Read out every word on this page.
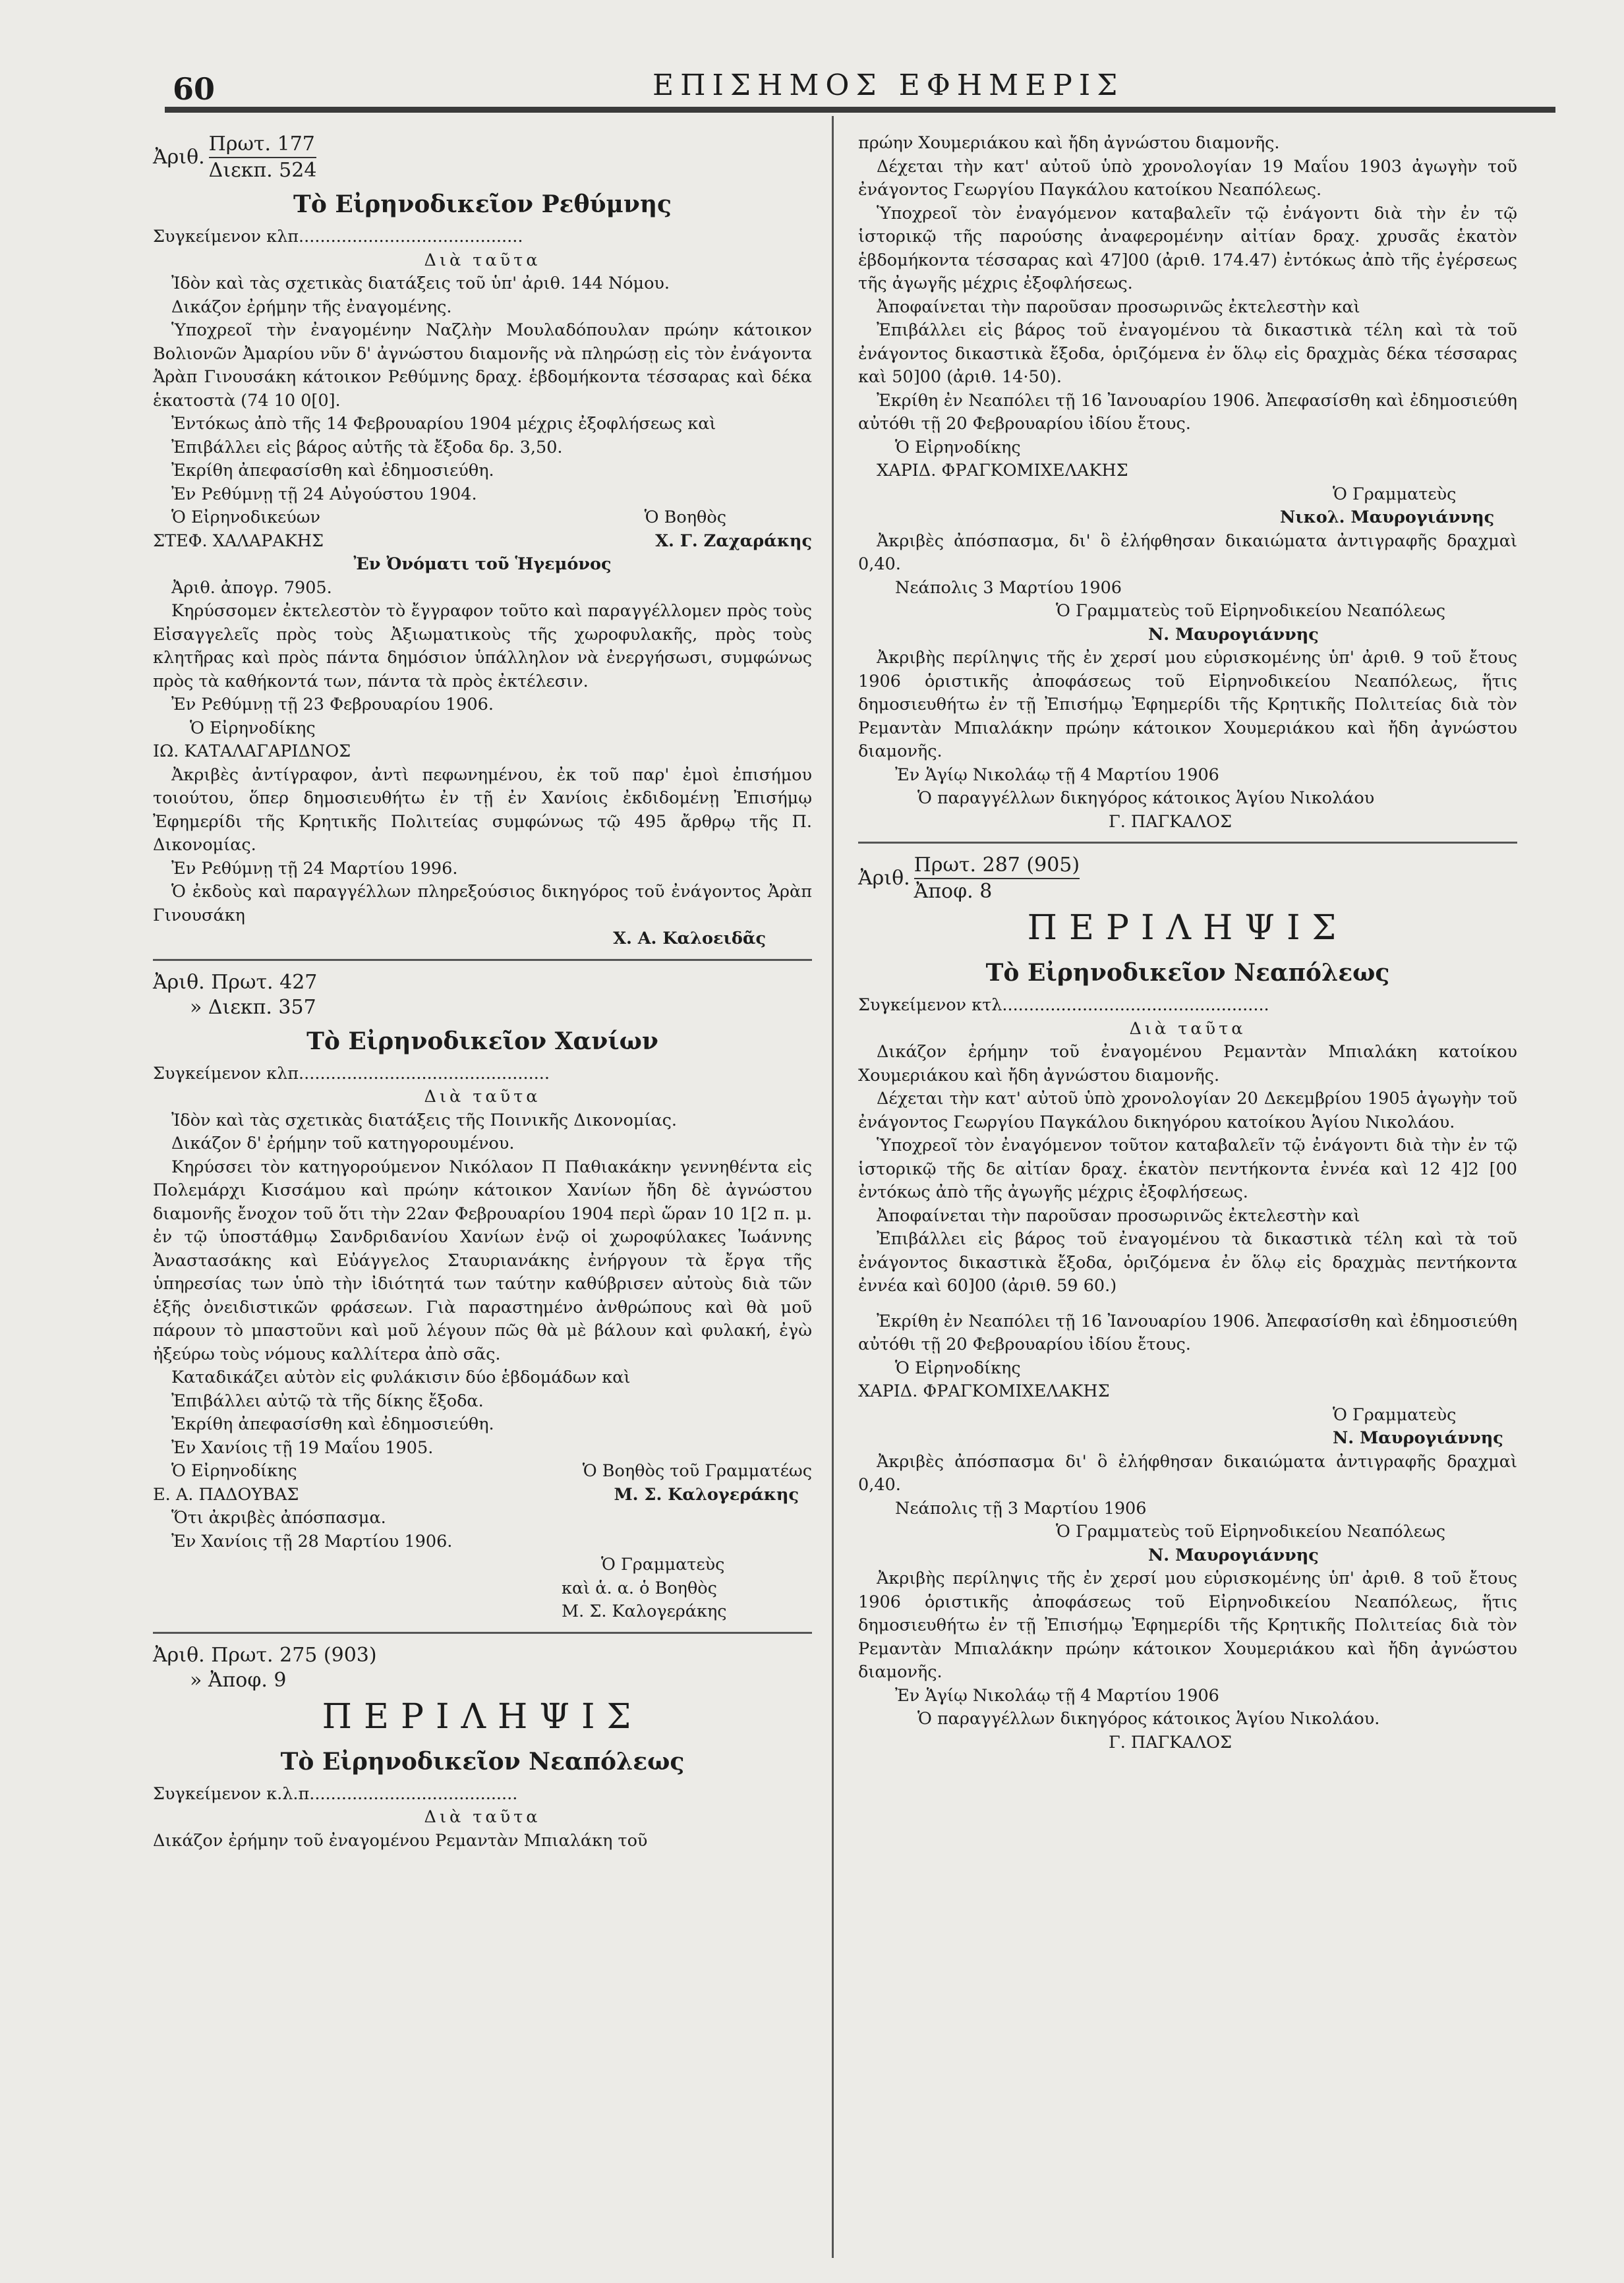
60	ΕΠΙΣΗΜΟΣ ΕΦΗΜΕΡΙΣ
Ἀριθ.
Πρωτ. 177
Διεκπ. 524
Τὸ Εἰρηνοδικεῖον Ρεθύμνης

Συγκείμενον κλπ..........................................

Διὰ ταῦτα

Ἰδὸν καὶ τὰς σχετικὰς διατάξεις τοῦ ὑπ' ἀριθ. 144 Νόμου.

Δικάζον ἐρήμην τῆς ἐναγομένης.

Ὑποχρεοῖ τὴν ἐναγομένην Ναζλὴν Μουλαδόπουλαν πρώην κάτοικον Βολιονῶν Ἀμαρίου νῦν δ' ἀγνώστου διαμονῆς νὰ πληρώσῃ εἰς τὸν ἐνάγοντα Ἀρὰπ Γινουσάκη κάτοικον Ρεθύμνης δραχ. ἑβδομήκοντα τέσσαρας καὶ δέκα ἑκατοστὰ (74 10 0[0].

Ἐντόκως ἀπὸ τῆς 14 Φεβρουαρίου 1904 μέχρις ἐξοφλήσεως καὶ

Ἐπιβάλλει εἰς βάρος αὐτῆς τὰ ἔξοδα δρ. 3,50.

Ἐκρίθη ἀπεφασίσθη καὶ ἐδημοσιεύθη.

Ἐν Ρεθύμνῃ τῇ 24 Αὐγούστου 1904.

Ὁ Εἰρηνοδικεύων	Ὁ Βοηθὸς
ΣΤΕΦ. ΧΑΛΑΡΑΚΗΣ	Χ. Γ. Ζαχαράκης

Ἐν Ὀνόματι τοῦ Ἡγεμόνος

Ἀριθ. ἀπογρ. 7905.

Κηρύσσομεν ἐκτελεστὸν τὸ ἔγγραφον τοῦτο καὶ παραγγέλλομεν πρὸς τοὺς Εἰσαγγελεῖς πρὸς τοὺς Ἀξιωματικοὺς τῆς χωροφυλακῆς, πρὸς τοὺς κλητῆρας καὶ πρὸς πάντα δημόσιον ὑπάλληλον νὰ ἐνεργήσωσι, συμφώνως πρὸς τὰ καθήκοντά των, πάντα τὰ πρὸς ἐκτέλεσιν.

Ἐν Ρεθύμνῃ τῇ 23 Φεβρουαρίου 1906.

Ὁ Εἰρηνοδίκης

ΙΩ. ΚΑΤΑΛΑΓΑΡΙΔΝΟΣ

Ἀκριβὲς ἀντίγραφον, ἀντὶ πεφωνημένου, ἐκ τοῦ παρ' ἐμοὶ ἐπισήμου τοιούτου, ὅπερ δημοσιευθήτω ἐν τῇ ἐν Χανίοις ἐκδιδομένῃ Ἐπισήμῳ Ἐφημερίδι τῆς Κρητικῆς Πολιτείας συμφώνως τῷ 495 ἄρθρῳ τῆς Π. Δικονομίας.

Ἐν Ρεθύμνῃ τῇ 24 Μαρτίου 1996.

Ὁ ἐκδοὺς καὶ παραγγέλλων πληρεξούσιος δικηγόρος τοῦ ἐνάγοντος Ἀρὰπ Γινουσάκη

Χ. Α. Καλοειδᾶς

Ἀριθ. Πρωτ. 427
» Διεκπ. 357
Τὸ Εἰρηνοδικεῖον Χανίων

Συγκείμενον κλπ...............................................

Διὰ ταῦτα

Ἰδὸν καὶ τὰς σχετικὰς διατάξεις τῆς Ποινικῆς Δικονομίας.

Δικάζον δ' ἐρήμην τοῦ κατηγορουμένου.

Κηρύσσει τὸν κατηγορούμενον Νικόλαον Π Παθιακάκην γεννηθέντα εἰς Πολεμάρχι Κισσάμου καὶ πρώην κάτοικον Χανίων ἤδη δὲ ἀγνώστου διαμονῆς ἔνοχον τοῦ ὅτι τὴν 22αν Φεβρουαρίου 1904 περὶ ὥραν 10 1[2 π. μ. ἐν τῷ ὑποστάθμῳ Σανδριδανίου Χανίων ἐνῷ οἱ χωροφύλακες Ἰωάννης Ἀναστασάκης καὶ Εὐάγγελος Σταυριανάκης ἐνήργουν τὰ ἔργα τῆς ὑπηρεσίας των ὑπὸ τὴν ἰδιότητά των ταύτην καθύβρισεν αὐτοὺς διὰ τῶν ἑξῆς ὀνειδιστικῶν φράσεων. Γιὰ παραστημένο ἀνθρώπους καὶ θὰ μοῦ πάρουν τὸ μπαστοῦνι καὶ μοῦ λέγουν πῶς θὰ μὲ βάλουν καὶ φυλακή, ἐγὼ ἠξεύρω τοὺς νόμους καλλίτερα ἀπὸ σᾶς.

Καταδικάζει αὐτὸν εἰς φυλάκισιν δύο ἑβδομάδων καὶ

Ἐπιβάλλει αὐτῷ τὰ τῆς δίκης ἔξοδα.

Ἐκρίθη ἀπεφασίσθη καὶ ἐδημοσιεύθη.

Ἐν Χανίοις τῇ 19 Μαΐου 1905.

Ὁ Εἰρηνοδίκης	Ὁ Βοηθὸς τοῦ Γραμματέως
Ε. Α. ΠΑΔΟΥΒΑΣ	Μ. Σ. Καλογεράκης

Ὅτι ἀκριβὲς ἀπόσπασμα.

Ἐν Χανίοις τῇ 28 Μαρτίου 1906.

Ὁ Γραμματεὺς

καὶ ἁ. α. ὁ Βοηθὸς

Μ. Σ. Καλογεράκης

Ἀριθ. Πρωτ. 275 (903)
» Ἀποφ. 9
ΠΕΡΙΛΗΨΙΣ
Τὸ Εἰρηνοδικεῖον Νεαπόλεως

Συγκείμενον κ.λ.π.......................................

Διὰ ταῦτα

Δικάζον ἐρήμην τοῦ ἐναγομένου Ρεμαντὰν Μπιαλάκη τοῦ

πρώην Χουμεριάκου καὶ ἤδη ἀγνώστου διαμονῆς.

Δέχεται τὴν κατ' αὐτοῦ ὑπὸ χρονολογίαν 19 Μαΐου 1903 ἀγωγὴν τοῦ ἐνάγοντος Γεωργίου Παγκάλου κατοίκου Νεαπόλεως.

Ὑποχρεοῖ τὸν ἐναγόμενον καταβαλεῖν τῷ ἐνάγοντι διὰ τὴν ἐν τῷ ἱστορικῷ τῆς παρούσης ἀναφερομένην αἰτίαν δραχ. χρυσᾶς ἑκατὸν ἑβδομήκοντα τέσσαρας καὶ 47]00 (ἀριθ. 174.47) ἐντόκως ἀπὸ τῆς ἐγέρσεως τῆς ἀγωγῆς μέχρις ἐξοφλήσεως.

Ἀποφαίνεται τὴν παροῦσαν προσωρινῶς ἐκτελεστὴν καὶ

Ἐπιβάλλει εἰς βάρος τοῦ ἐναγομένου τὰ δικαστικὰ τέλη καὶ τὰ τοῦ ἐνάγοντος δικαστικὰ ἔξοδα, ὁριζόμενα ἐν ὅλῳ εἰς δραχμὰς δέκα τέσσαρας καὶ 50]00 (ἀριθ. 14·50).

Ἐκρίθη ἐν Νεαπόλει τῇ 16 Ἰανουαρίου 1906. Ἀπεφασίσθη καὶ ἐδημοσιεύθη αὐτόθι τῇ 20 Φεβρουαρίου ἰδίου ἔτους.

Ὁ Εἰρηνοδίκης

ΧΑΡΙΔ. ΦΡΑΓΚΟΜΙΧΕΛΑΚΗΣ

Ὁ Γραμματεὺς

Νικολ. Μαυρογιάννης

Ἀκριβὲς ἀπόσπασμα, δι' ὃ ἐλήφθησαν δικαιώματα ἀντιγραφῆς δραχμαὶ 0,40.

Νεάπολις 3 Μαρτίου 1906

Ὁ Γραμματεὺς τοῦ Εἰρηνοδικείου Νεαπόλεως

Ν. Μαυρογιάννης

Ἀκριβὴς περίληψις τῆς ἐν χερσί μου εὑρισκομένης ὑπ' ἀριθ. 9 τοῦ ἔτους 1906 ὁριστικῆς ἀποφάσεως τοῦ Εἰρηνοδικείου Νεαπόλεως, ἥτις δημοσιευθήτω ἐν τῇ Ἐπισήμῳ Ἐφημερίδι τῆς Κρητικῆς Πολιτείας διὰ τὸν Ρεμαντὰν Μπιαλάκην πρώην κάτοικον Χουμεριάκου καὶ ἤδη ἀγνώστου διαμονῆς.

Ἐν Ἁγίῳ Νικολάῳ τῇ 4 Μαρτίου 1906

Ὁ παραγγέλλων δικηγόρος κάτοικος Ἁγίου Νικολάου

Γ. ΠΑΓΚΑΛΟΣ

Ἀριθ.
Πρωτ. 287 (905)
Ἀποφ. 8
ΠΕΡΙΛΗΨΙΣ
Τὸ Εἰρηνοδικεῖον Νεαπόλεως

Συγκείμενον κτλ..................................................

Διὰ ταῦτα

Δικάζον ἐρήμην τοῦ ἐναγομένου Ρεμαντὰν Μπιαλάκη κατοίκου Χουμεριάκου καὶ ἤδη ἀγνώστου διαμονῆς.

Δέχεται τὴν κατ' αὐτοῦ ὑπὸ χρονολογίαν 20 Δεκεμβρίου 1905 ἀγωγὴν τοῦ ἐνάγοντος Γεωργίου Παγκάλου δικηγόρου κατοίκου Ἁγίου Νικολάου.

Ὑποχρεοῖ τὸν ἐναγόμενον τοῦτον καταβαλεῖν τῷ ἐνάγοντι διὰ τὴν ἐν τῷ ἱστορικῷ τῆς δε αἰτίαν δραχ. ἑκατὸν πεντήκοντα ἐννέα καὶ 12 4]2 [00 ἐντόκως ἀπὸ τῆς ἀγωγῆς μέχρις ἐξοφλήσεως.

Ἀποφαίνεται τὴν παροῦσαν προσωρινῶς ἐκτελεστὴν καὶ

Ἐπιβάλλει εἰς βάρος τοῦ ἐναγομένου τὰ δικαστικὰ τέλη καὶ τὰ τοῦ ἐνάγοντος δικαστικὰ ἔξοδα, ὁριζόμενα ἐν ὅλῳ εἰς δραχμὰς πεντήκοντα ἐννέα καὶ 60]00 (ἀριθ. 59 60.)

Ἐκρίθη ἐν Νεαπόλει τῇ 16 Ἰανουαρίου 1906. Ἀπεφασίσθη καὶ ἐδημοσιεύθη αὐτόθι τῇ 20 Φεβρουαρίου ἰδίου ἔτους.

Ὁ Εἰρηνοδίκης

ΧΑΡΙΔ. ΦΡΑΓΚΟΜΙΧΕΛΑΚΗΣ

Ὁ Γραμματεὺς

Ν. Μαυρογιάννης

Ἀκριβὲς ἀπόσπασμα δι' ὃ ἐλήφθησαν δικαιώματα ἀντιγραφῆς δραχμαὶ 0,40.

Νεάπολις τῇ 3 Μαρτίου 1906

Ὁ Γραμματεὺς τοῦ Εἰρηνοδικείου Νεαπόλεως

Ν. Μαυρογιάννης

Ἀκριβὴς περίληψις τῆς ἐν χερσί μου εὑρισκομένης ὑπ' ἀριθ. 8 τοῦ ἔτους 1906 ὁριστικῆς ἀποφάσεως τοῦ Εἰρηνοδικείου Νεαπόλεως, ἥτις δημοσιευθήτω ἐν τῇ Ἐπισήμῳ Ἐφημερίδι τῆς Κρητικῆς Πολιτείας διὰ τὸν Ρεμαντὰν Μπιαλάκην πρώην κάτοικον Χουμεριάκου καὶ ἤδη ἀγνώστου διαμονῆς.

Ἐν Ἁγίῳ Νικολάῳ τῇ 4 Μαρτίου 1906

Ὁ παραγγέλλων δικηγόρος κάτοικος Ἁγίου Νικολάου.

Γ. ΠΑΓΚΑΛΟΣ
